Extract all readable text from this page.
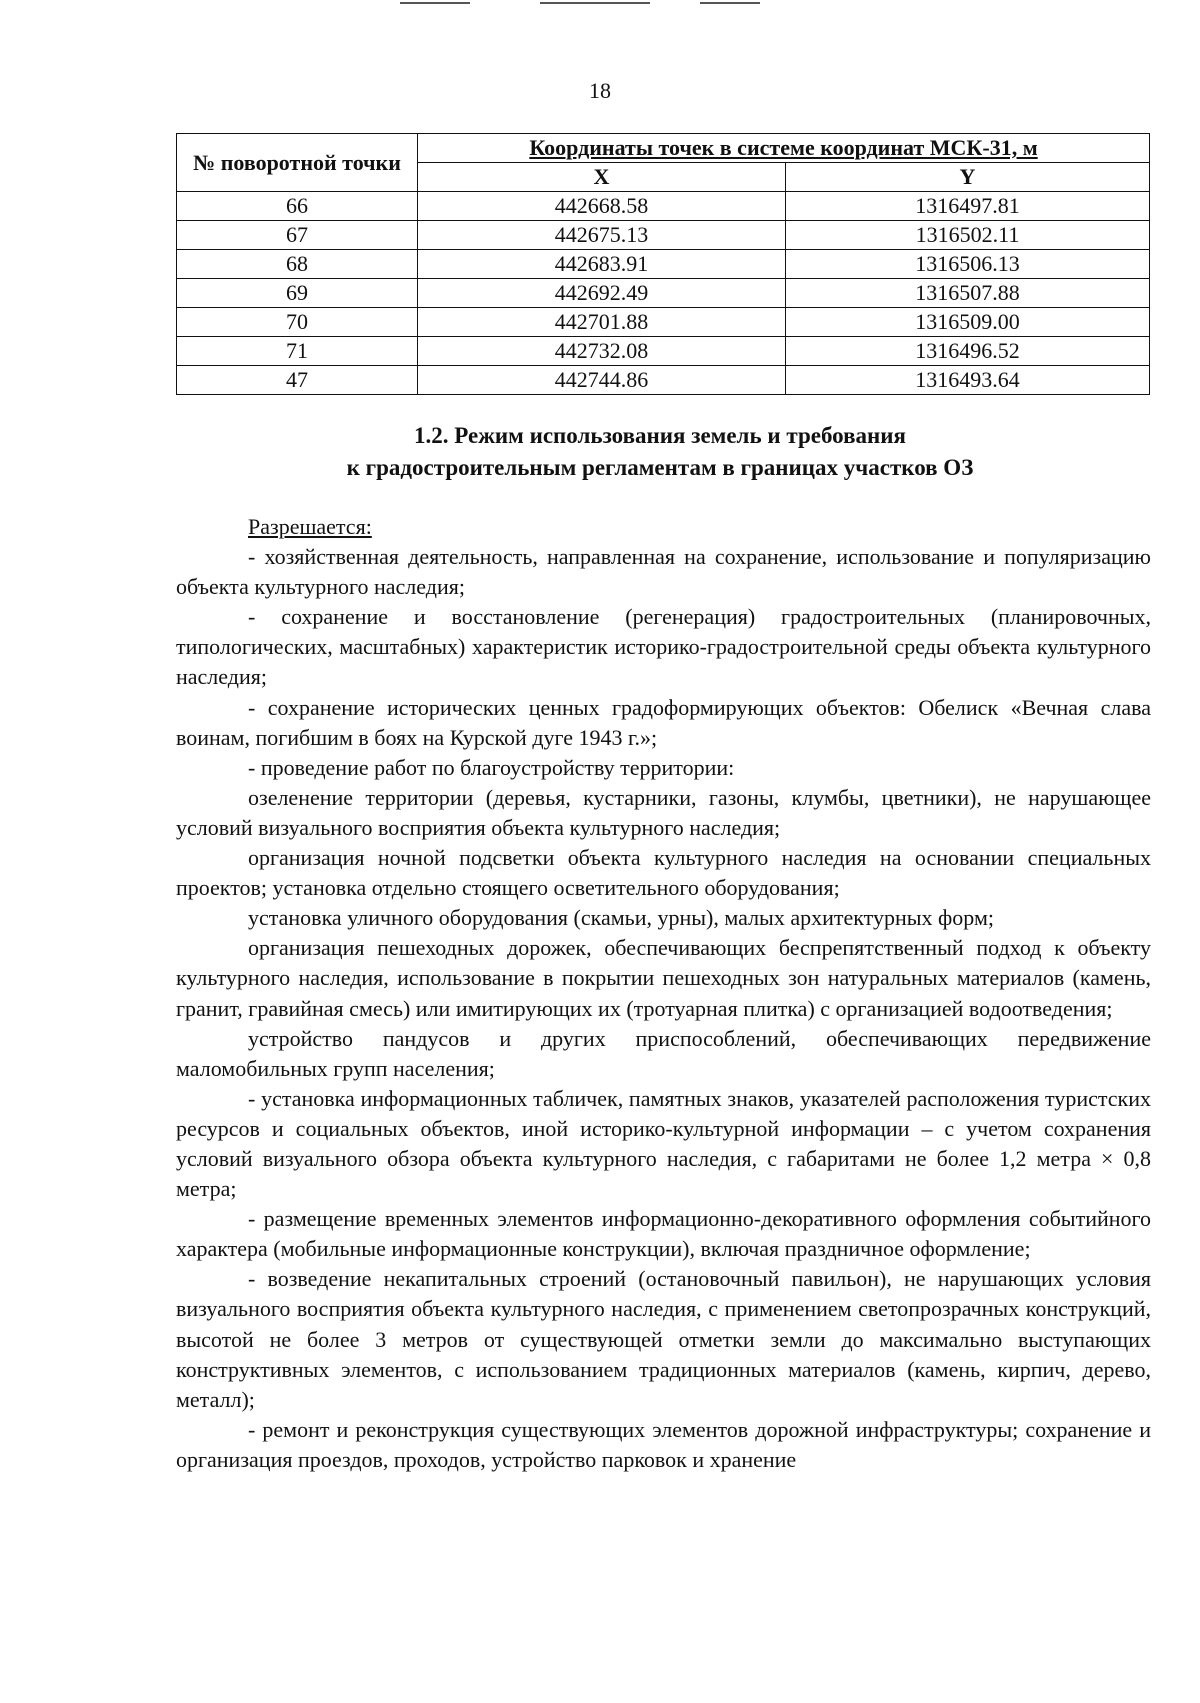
18
№ поворотной точки	Координаты точек в системе координат МСК-31, м	
	X	Y
66	442668.58	1316497.81
67	442675.13	1316502.11
68	442683.91	1316506.13
69	442692.49	1316507.88
70	442701.88	1316509.00
71	442732.08	1316496.52
47	442744.86	1316493.64
1.2. Режим использования земель и требования
к градостроительным регламентам в границах участков ОЗ

Разрешается:

- хозяйственная деятельность, направленная на сохранение, использование и популяризацию объекта культурного наследия;

- сохранение и восстановление (регенерация) градостроительных (планировочных, типологических, масштабных) характеристик историко-градостроительной среды объекта культурного наследия;

- сохранение исторических ценных градоформирующих объектов: Обелиск «Вечная слава воинам, погибшим в боях на Курской дуге 1943 г.»;

- проведение работ по благоустройству территории:

озеленение территории (деревья, кустарники, газоны, клумбы, цветники), не нарушающее условий визуального восприятия объекта культурного наследия;

организация ночной подсветки объекта культурного наследия на основании специальных проектов; установка отдельно стоящего осветительного оборудования;

установка уличного оборудования (скамьи, урны), малых архитектурных форм;

организация пешеходных дорожек, обеспечивающих беспрепятственный подход к объекту культурного наследия, использование в покрытии пешеходных зон натуральных материалов (камень, гранит, гравийная смесь) или имитирующих их (тротуарная плитка) с организацией водоотведения;

устройство пандусов и других приспособлений, обеспечивающих передвижение маломобильных групп населения;

- установка информационных табличек, памятных знаков, указателей расположения туристских ресурсов и социальных объектов, иной историко-культурной информации – с учетом сохранения условий визуального обзора объекта культурного наследия, с габаритами не более 1,2 метра × 0,8 метра;

- размещение временных элементов информационно-декоративного оформления событийного характера (мобильные информационные конструкции), включая праздничное оформление;

- возведение некапитальных строений (остановочный павильон), не нарушающих условия визуального восприятия объекта культурного наследия, с применением светопрозрачных конструкций, высотой не более 3 метров от существующей отметки земли до максимально выступающих конструктивных элементов, с использованием традиционных материалов (камень, кирпич, дерево, металл);

- ремонт и реконструкция существующих элементов дорожной инфраструктуры; сохранение и организация проездов, проходов, устройство парковок и хранение
